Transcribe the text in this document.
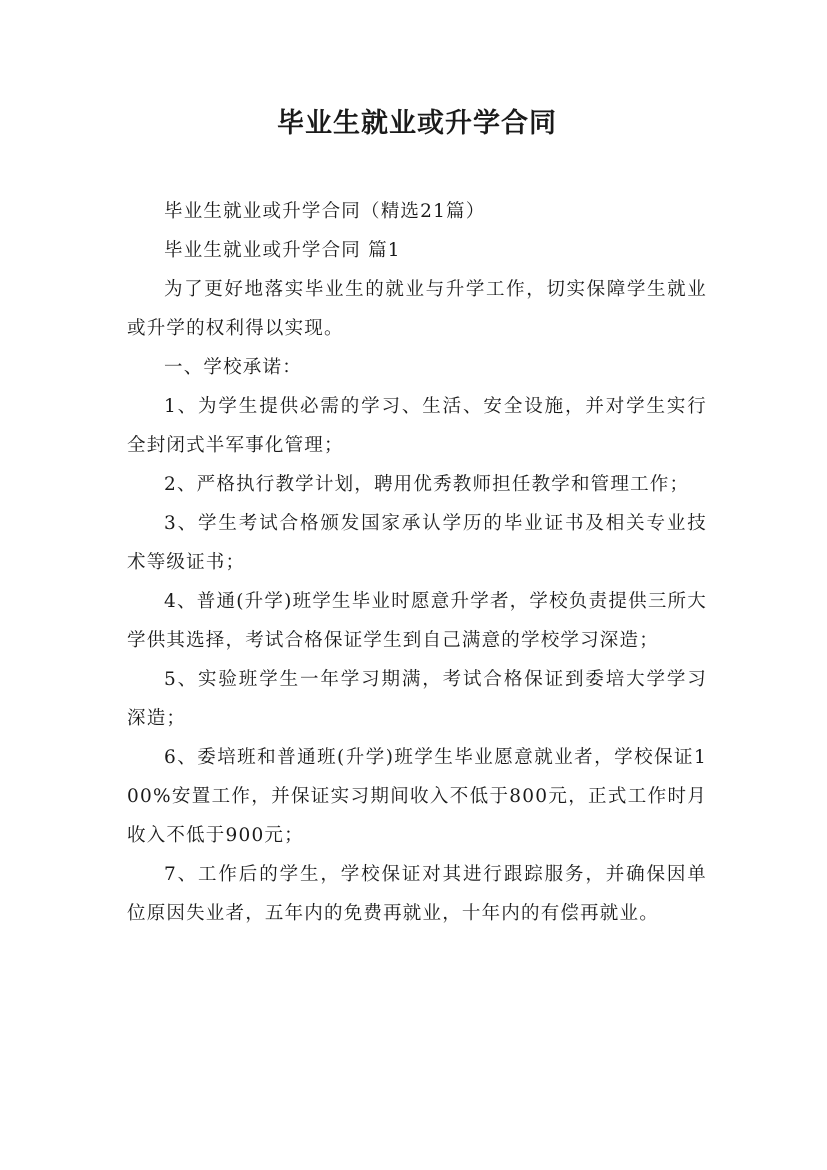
毕业生就业或升学合同

毕业生就业或升学合同（精选21篇）

毕业生就业或升学合同 篇1

为了更好地落实毕业生的就业与升学工作，切实保障学生就业或升学的权利得以实现。

一、学校承诺：

1、为学生提供必需的学习、生活、安全设施，并对学生实行全封闭式半军事化管理；

2、严格执行教学计划，聘用优秀教师担任教学和管理工作；

3、学生考试合格颁发国家承认学历的毕业证书及相关专业技术等级证书；

4、普通(升学)班学生毕业时愿意升学者，学校负责提供三所大学供其选择，考试合格保证学生到自己满意的学校学习深造；

5、实验班学生一年学习期满，考试合格保证到委培大学学习深造；

6、委培班和普通班(升学)班学生毕业愿意就业者，学校保证100%安置工作，并保证实习期间收入不低于800元，正式工作时月收入不低于900元；

7、工作后的学生，学校保证对其进行跟踪服务，并确保因单位原因失业者，五年内的免费再就业，十年内的有偿再就业。
